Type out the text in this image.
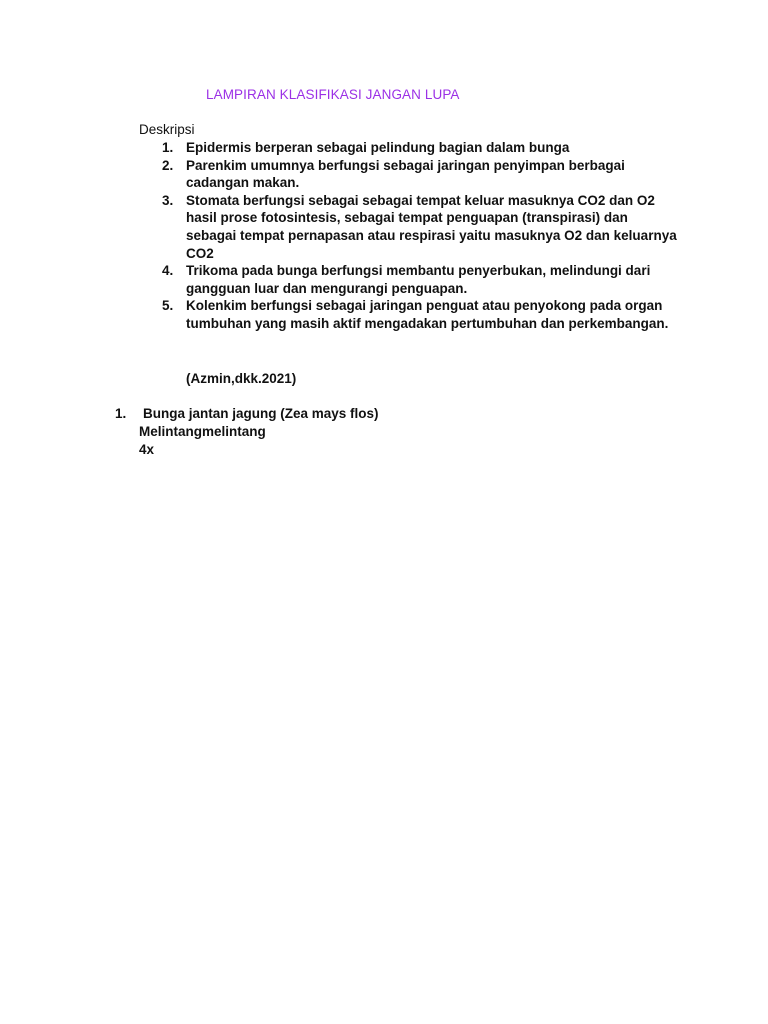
LAMPIRAN KLASIFIKASI JANGAN LUPA
Deskripsi
1. Epidermis berperan sebagai pelindung bagian dalam bunga
2. Parenkim umumnya berfungsi sebagai jaringan penyimpan berbagai cadangan makan.
3. Stomata berfungsi sebagai sebagai tempat keluar masuknya CO2 dan O2 hasil prose fotosintesis, sebagai tempat penguapan (transpirasi) dan sebagai tempat pernapasan atau respirasi yaitu masuknya O2 dan keluarnya CO2
4. Trikoma pada bunga berfungsi membantu penyerbukan, melindungi dari gangguan luar dan mengurangi penguapan.
5. Kolenkim berfungsi sebagai jaringan penguat atau penyokong pada organ tumbuhan yang masih aktif mengadakan pertumbuhan dan perkembangan.
(Azmin,dkk.2021)
1. Bunga jantan jagung (Zea mays flos)
Melintangmelintang
4x
